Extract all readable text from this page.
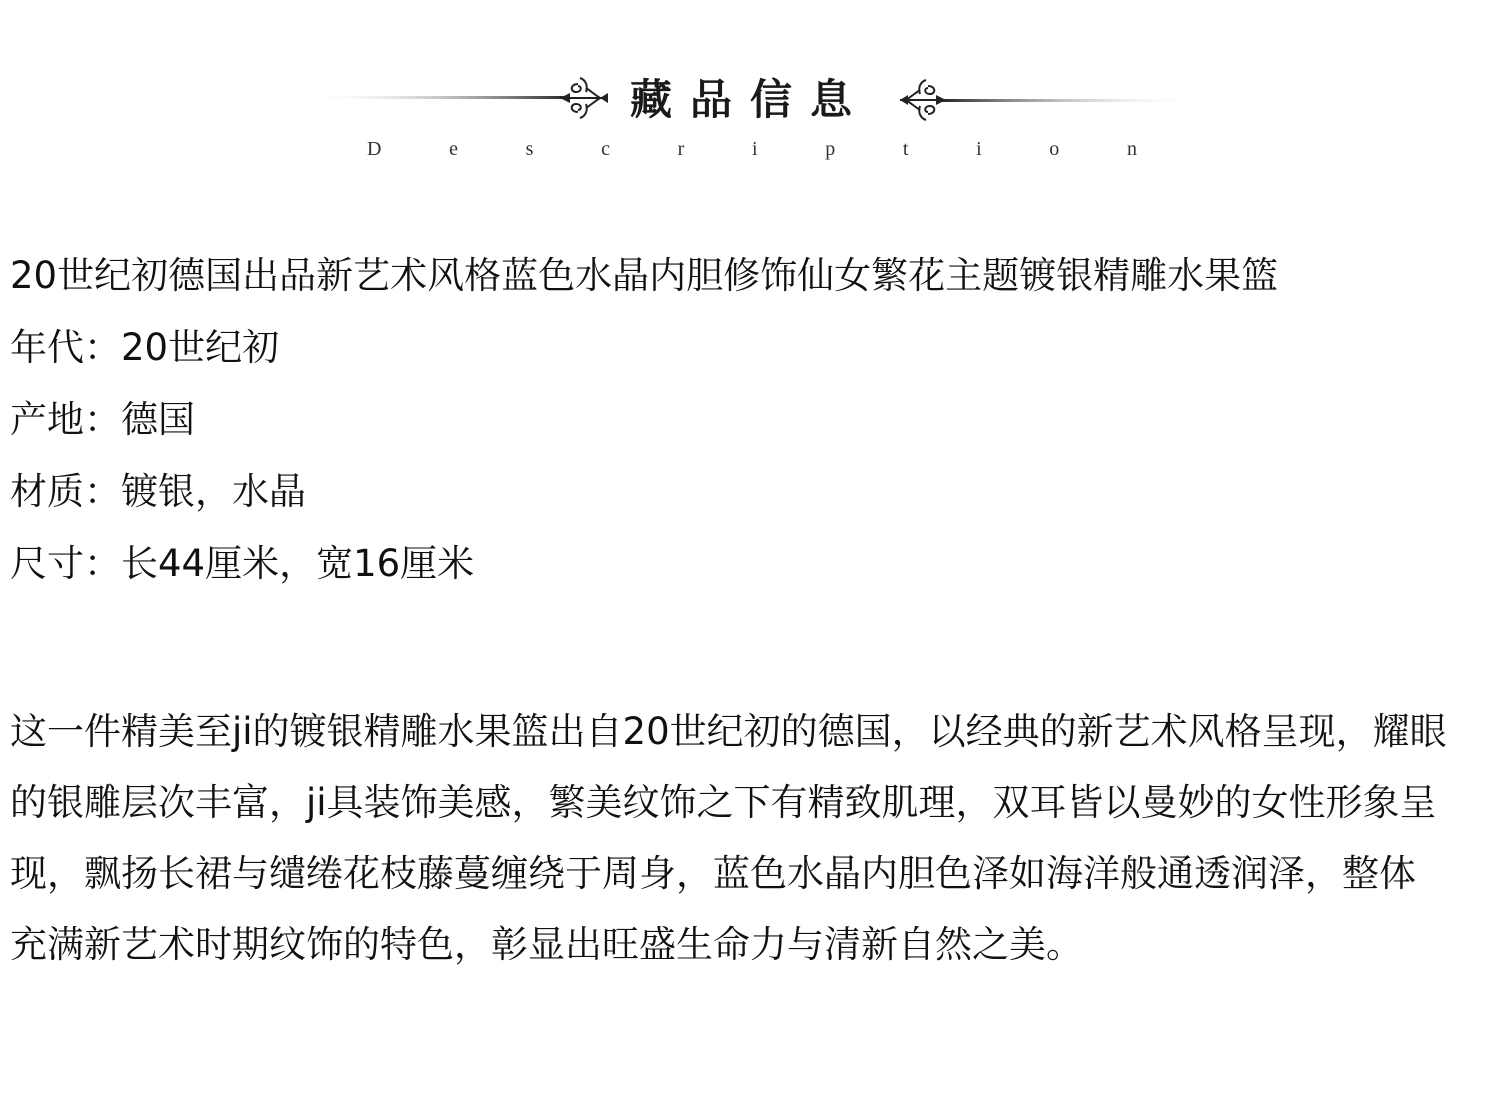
藏品信息
D	e	s	c	r	i	p	t	i	o	n

20世纪初德国出品新艺术风格蓝色水晶内胆修饰仙女繁花主题镀银精雕水果篮

年代：20世纪初

产地：德国

材质：镀银，水晶

尺寸：长44厘米，宽16厘米

这一件精美至ji的镀银精雕水果篮出自20世纪初的德国，以经典的新艺术风格呈现，耀眼的银雕层次丰富，ji具装饰美感，繁美纹饰之下有精致肌理，双耳皆以曼妙的女性形象呈现，飘扬长裙与缱绻花枝藤蔓缠绕于周身，蓝色水晶内胆色泽如海洋般通透润泽，整体充满新艺术时期纹饰的特色，彰显出旺盛生命力与清新自然之美。
